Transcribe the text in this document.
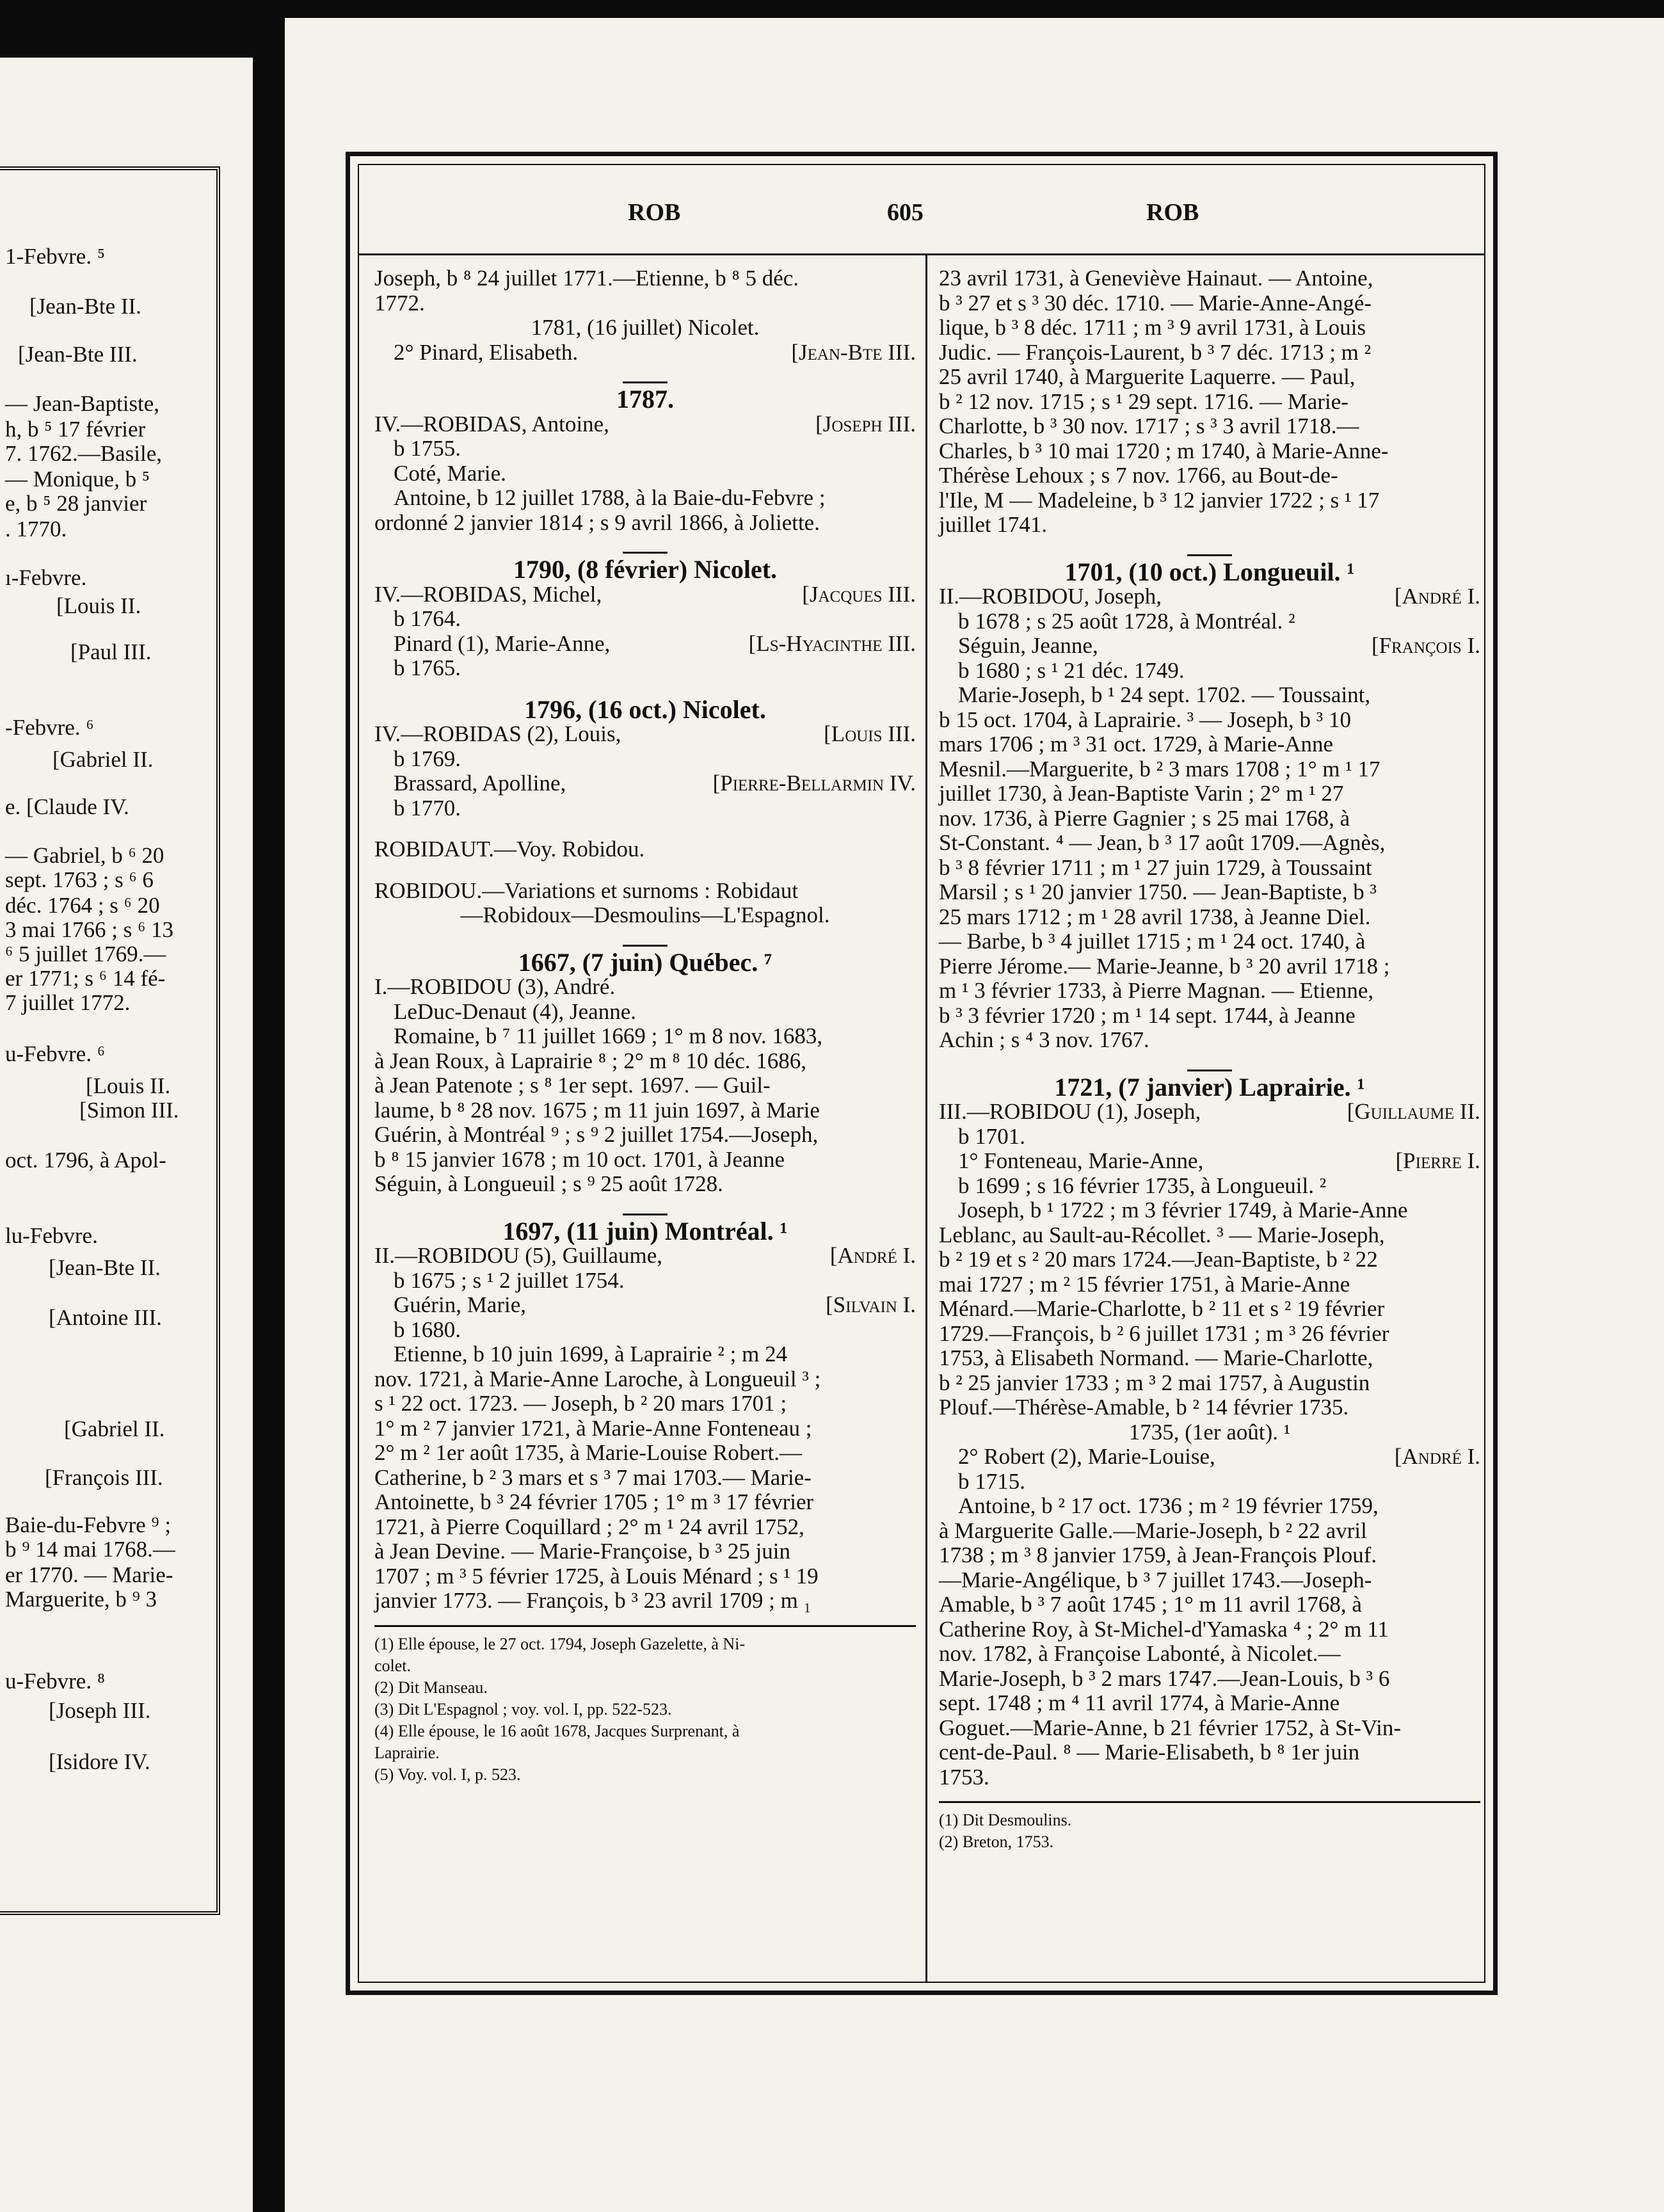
1-Febvre. ⁵
[Jean-Bte II.
[Jean-Bte III.
— Jean-Baptiste,
h, b ⁵ 17 février
7. 1762.—Basile,
— Monique, b ⁵
e, b ⁵ 28 janvier
. 1770.
ı-Febvre.
[Louis II.
[Paul III.
-Febvre. ⁶
[Gabriel II.
e. [Claude IV.
— Gabriel, b ⁶ 20
sept. 1763 ; s ⁶ 6
déc. 1764 ; s ⁶ 20
3 mai 1766 ; s ⁶ 13
⁶ 5 juillet 1769.—
er 1771; s ⁶ 14 fé-
7 juillet 1772.
u-Febvre. ⁶
[Louis II.
[Simon III.
oct. 1796, à Apol-
lu-Febvre.
[Jean-Bte II.
[Antoine III.
[Gabriel II.
[François III.
Baie-du-Febvre ⁹ ;
b ⁹ 14 mai 1768.—
er 1770. — Marie-
Marguerite, b ⁹ 3
u-Febvre. ⁸
[Joseph III.
[Isidore IV.
ROB	605	ROB
Joseph, b ⁸ 24 juillet 1771.—Etienne, b ⁸ 5 déc.
1772.
1781, (16 juillet) Nicolet.
2° Pinard, Elisabeth.	[Jean-Bte III.
1787.
IV.—ROBIDAS, Antoine,	[Joseph III.
b 1755.
Coté, Marie.
Antoine, b 12 juillet 1788, à la Baie-du-Febvre ;
ordonné 2 janvier 1814 ; s 9 avril 1866, à Joliette.
1790, (8 février) Nicolet.
IV.—ROBIDAS, Michel,	[Jacques III.
b 1764.
Pinard (1), Marie-Anne,	[Ls-Hyacinthe III.
b 1765.
1796, (16 oct.) Nicolet.
IV.—ROBIDAS (2), Louis,	[Louis III.
b 1769.
Brassard, Apolline,	[Pierre-Bellarmin IV.
b 1770.
ROBIDAUT.—Voy. Robidou.
ROBIDOU.—Variations et surnoms : Robidaut
—Robidoux—Desmoulins—L'Espagnol.
1667, (7 juin) Québec. ⁷
I.—ROBIDOU (3), André.
LeDuc-Denaut (4), Jeanne.
Romaine, b ⁷ 11 juillet 1669 ; 1° m 8 nov. 1683,
à Jean Roux, à Laprairie ⁸ ; 2° m ⁸ 10 déc. 1686,
à Jean Patenote ; s ⁸ 1er sept. 1697. — Guil-
laume, b ⁸ 28 nov. 1675 ; m 11 juin 1697, à Marie
Guérin, à Montréal ⁹ ; s ⁹ 2 juillet 1754.—Joseph,
b ⁸ 15 janvier 1678 ; m 10 oct. 1701, à Jeanne
Séguin, à Longueuil ; s ⁹ 25 août 1728.
1697, (11 juin) Montréal. ¹
II.—ROBIDOU (5), Guillaume,	[André I.
b 1675 ; s ¹ 2 juillet 1754.
Guérin, Marie,	[Silvain I.
b 1680.
Etienne, b 10 juin 1699, à Laprairie ² ; m 24
nov. 1721, à Marie-Anne Laroche, à Longueuil ³ ;
s ¹ 22 oct. 1723. — Joseph, b ² 20 mars 1701 ;
1° m ² 7 janvier 1721, à Marie-Anne Fonteneau ;
2° m ² 1er août 1735, à Marie-Louise Robert.—
Catherine, b ² 3 mars et s ³ 7 mai 1703.— Marie-
Antoinette, b ³ 24 février 1705 ; 1° m ³ 17 février
1721, à Pierre Coquillard ; 2° m ¹ 24 avril 1752,
à Jean Devine. — Marie-Françoise, b ³ 25 juin
1707 ; m ³ 5 février 1725, à Louis Ménard ; s ¹ 19
janvier 1773. — François, b ³ 23 avril 1709 ; m ₁
(1) Elle épouse, le 27 oct. 1794, Joseph Gazelette, à Ni-
colet.
(2) Dit Manseau.
(3) Dit L'Espagnol ; voy. vol. I, pp. 522-523.
(4) Elle épouse, le 16 août 1678, Jacques Surprenant, à
Laprairie.
(5) Voy. vol. I, p. 523.
23 avril 1731, à Geneviève Hainaut. — Antoine,
b ³ 27 et s ³ 30 déc. 1710. — Marie-Anne-Angé-
lique, b ³ 8 déc. 1711 ; m ³ 9 avril 1731, à Louis
Judic. — François-Laurent, b ³ 7 déc. 1713 ; m ²
25 avril 1740, à Marguerite Laquerre. — Paul,
b ² 12 nov. 1715 ; s ¹ 29 sept. 1716. — Marie-
Charlotte, b ³ 30 nov. 1717 ; s ³ 3 avril 1718.—
Charles, b ³ 10 mai 1720 ; m 1740, à Marie-Anne-
Thérèse Lehoux ; s 7 nov. 1766, au Bout-de-
l'Ile, M — Madeleine, b ³ 12 janvier 1722 ; s ¹ 17
juillet 1741.
1701, (10 oct.) Longueuil. ¹
II.—ROBIDOU, Joseph,	[André I.
b 1678 ; s 25 août 1728, à Montréal. ²
Séguin, Jeanne,	[François I.
b 1680 ; s ¹ 21 déc. 1749.
Marie-Joseph, b ¹ 24 sept. 1702. — Toussaint,
b 15 oct. 1704, à Laprairie. ³ — Joseph, b ³ 10
mars 1706 ; m ³ 31 oct. 1729, à Marie-Anne
Mesnil.—Marguerite, b ² 3 mars 1708 ; 1° m ¹ 17
juillet 1730, à Jean-Baptiste Varin ; 2° m ¹ 27
nov. 1736, à Pierre Gagnier ; s 25 mai 1768, à
St-Constant. ⁴ — Jean, b ³ 17 août 1709.—Agnès,
b ³ 8 février 1711 ; m ¹ 27 juin 1729, à Toussaint
Marsil ; s ¹ 20 janvier 1750. — Jean-Baptiste, b ³
25 mars 1712 ; m ¹ 28 avril 1738, à Jeanne Diel.
— Barbe, b ³ 4 juillet 1715 ; m ¹ 24 oct. 1740, à
Pierre Jérome.— Marie-Jeanne, b ³ 20 avril 1718 ;
m ¹ 3 février 1733, à Pierre Magnan. — Etienne,
b ³ 3 février 1720 ; m ¹ 14 sept. 1744, à Jeanne
Achin ; s ⁴ 3 nov. 1767.
1721, (7 janvier) Laprairie. ¹
III.—ROBIDOU (1), Joseph,	[Guillaume II.
b 1701.
1° Fonteneau, Marie-Anne,	[Pierre I.
b 1699 ; s 16 février 1735, à Longueuil. ²
Joseph, b ¹ 1722 ; m 3 février 1749, à Marie-Anne
Leblanc, au Sault-au-Récollet. ³ — Marie-Joseph,
b ² 19 et s ² 20 mars 1724.—Jean-Baptiste, b ² 22
mai 1727 ; m ² 15 février 1751, à Marie-Anne
Ménard.—Marie-Charlotte, b ² 11 et s ² 19 février
1729.—François, b ² 6 juillet 1731 ; m ³ 26 février
1753, à Elisabeth Normand. — Marie-Charlotte,
b ² 25 janvier 1733 ; m ³ 2 mai 1757, à Augustin
Plouf.—Thérèse-Amable, b ² 14 février 1735.
1735, (1er août). ¹
2° Robert (2), Marie-Louise,	[André I.
b 1715.
Antoine, b ² 17 oct. 1736 ; m ² 19 février 1759,
à Marguerite Galle.—Marie-Joseph, b ² 22 avril
1738 ; m ³ 8 janvier 1759, à Jean-François Plouf.
—Marie-Angélique, b ³ 7 juillet 1743.—Joseph-
Amable, b ³ 7 août 1745 ; 1° m 11 avril 1768, à
Catherine Roy, à St-Michel-d'Yamaska ⁴ ; 2° m 11
nov. 1782, à Françoise Labonté, à Nicolet.—
Marie-Joseph, b ³ 2 mars 1747.—Jean-Louis, b ³ 6
sept. 1748 ; m ⁴ 11 avril 1774, à Marie-Anne
Goguet.—Marie-Anne, b 21 février 1752, à St-Vin-
cent-de-Paul. ⁸ — Marie-Elisabeth, b ⁸ 1er juin
1753.
(1) Dit Desmoulins.
(2) Breton, 1753.
